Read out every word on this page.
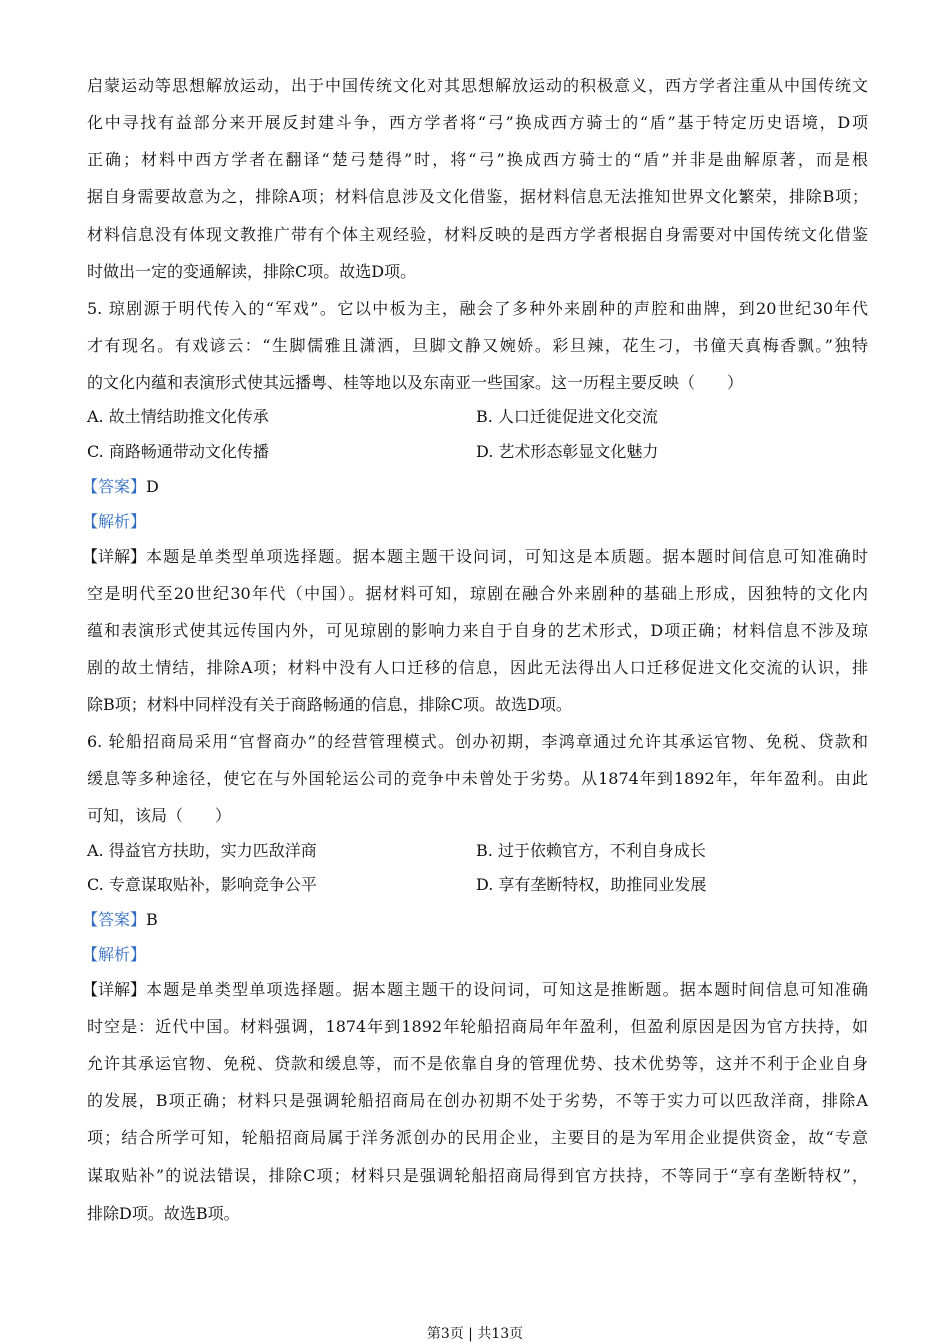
启蒙运动等思想解放运动，出于中国传统文化对其思想解放运动的积极意义，西方学者注重从中国传统文
化中寻找有益部分来开展反封建斗争，西方学者将“弓”换成西方骑士的“盾”基于特定历史语境，D项
正确；材料中西方学者在翻译“楚弓楚得”时，将“弓”换成西方骑士的“盾”并非是曲解原著，而是根
据自身需要故意为之，排除A项；材料信息涉及文化借鉴，据材料信息无法推知世界文化繁荣，排除B项；
材料信息没有体现文教推广带有个体主观经验，材料反映的是西方学者根据自身需要对中国传统文化借鉴
时做出一定的变通解读，排除C项。故选D项。
5. 琼剧源于明代传入的“军戏”。它以中板为主，融会了多种外来剧种的声腔和曲牌，到20世纪30年代
才有现名。有戏谚云：“生脚儒雅且潇洒，旦脚文静又婉娇。彩旦辣，花生刁，书僮天真梅香飘。”独特
的文化内蕴和表演形式使其远播粤、桂等地以及东南亚一些国家。这一历程主要反映（　　）
A. 故土情结助推文化传承	B. 人口迁徙促进文化交流
C. 商路畅通带动文化传播	D. 艺术形态彰显文化魅力
【答案】D
【解析】
【详解】 本题是单类型单项选择题。据本题主题干设问词，可知这是本质题。据本题时间信息可知准确时
空是明代至20世纪30年代（中国）。据材料可知，琼剧在融合外来剧种的基础上形成，因独特的文化内
蕴和表演形式使其远传国内外，可见琼剧的影响力来自于自身的艺术形式，D项正确；材料信息不涉及琼
剧的故土情结，排除A项；材料中没有人口迁移的信息，因此无法得出人口迁移促进文化交流的认识，排
除B项；材料中同样没有关于商路畅通的信息，排除C项。故选D项。
6. 轮船招商局采用“官督商办”的经营管理模式。创办初期，李鸿章通过允许其承运官物、免税、贷款和
缓息等多种途径，使它在与外国轮运公司的竞争中未曾处于劣势。从1874年到1892年，年年盈利。由此
可知，该局（　　）
A. 得益官方扶助，实力匹敌洋商	B. 过于依赖官方，不利自身成长
C. 专意谋取贴补，影响竞争公平	D. 享有垄断特权，助推同业发展
【答案】B
【解析】
【详解】 本题是单类型单项选择题。据本题主题干的设问词，可知这是推断题。据本题时间信息可知准确
时空是：近代中国。材料强调，1874年到1892年轮船招商局年年盈利，但盈利原因是因为官方扶持，如
允许其承运官物、免税、贷款和缓息等，而不是依靠自身的管理优势、技术优势等，这并不利于企业自身
的发展，B项正确；材料只是强调轮船招商局在创办初期不处于劣势，不等于实力可以匹敌洋商，排除A
项；结合所学可知，轮船招商局属于洋务派创办的民用企业，主要目的是为军用企业提供资金，故“专意
谋取贴补”的说法错误，排除C项；材料只是强调轮船招商局得到官方扶持，不等同于“享有垄断特权”，
排除D项。故选B项。
第3页 | 共13页
